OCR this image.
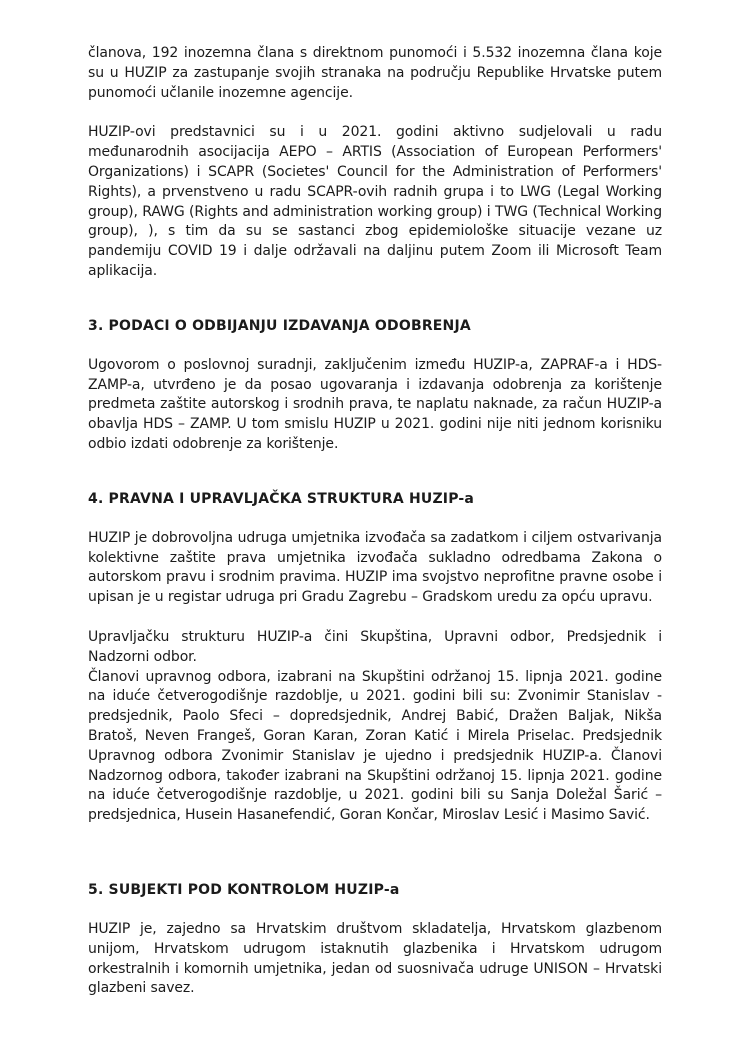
članova, 192 inozemna člana s direktnom punomoći i 5.532 inozemna člana koje su u HUZIP za zastupanje svojih stranaka na području Republike Hrvatske putem punomoći učlanile inozemne agencije.

HUZIP-ovi predstavnici su i u 2021. godini aktivno sudjelovali u radu međunarodnih asocijacija AEPO – ARTIS (Association of European Performers' Organizations) i SCAPR (Societes' Council for the Administration of Performers' Rights), a prvenstveno u radu SCAPR-ovih radnih grupa i to LWG (Legal Working group), RAWG (Rights and administration working group) i TWG (Technical Working group), ), s tim da su se sastanci zbog epidemiološke situacije vezane uz pandemiju COVID 19 i dalje održavali na daljinu putem Zoom ili Microsoft Team aplikacija.

3. PODACI O ODBIJANJU IZDAVANJA ODOBRENJA

Ugovorom o poslovnoj suradnji, zaključenim između HUZIP-a, ZAPRAF-a i HDS-ZAMP-a, utvrđeno je da posao ugovaranja i izdavanja odobrenja za korištenje predmeta zaštite autorskog i srodnih prava, te naplatu naknade, za račun HUZIP-a obavlja HDS – ZAMP. U tom smislu HUZIP u 2021. godini nije niti jednom korisniku odbio izdati odobrenje za korištenje.

4. PRAVNA I UPRAVLJAČKA STRUKTURA HUZIP-a

HUZIP je dobrovoljna udruga umjetnika izvođača sa zadatkom i ciljem ostvarivanja kolektivne zaštite prava umjetnika izvođača sukladno odredbama Zakona o autorskom pravu i srodnim pravima. HUZIP ima svojstvo neprofitne pravne osobe i upisan je u registar udruga pri Gradu Zagrebu – Gradskom uredu za opću upravu.

Upravljačku strukturu HUZIP-a čini Skupština, Upravni odbor, Predsjednik i Nadzorni odbor.

Članovi upravnog odbora, izabrani na Skupštini održanoj 15. lipnja 2021. godine na iduće četverogodišnje razdoblje, u 2021. godini bili su: Zvonimir Stanislav - predsjednik, Paolo Sfeci – dopredsjednik, Andrej Babić, Dražen Baljak, Nikša Bratoš, Neven Frangeš, Goran Karan, Zoran Katić i Mirela Priselac. Predsjednik Upravnog odbora Zvonimir Stanislav je ujedno i predsjednik HUZIP-a. Članovi Nadzornog odbora, također izabrani na Skupštini održanoj 15. lipnja 2021. godine na iduće četverogodišnje razdoblje, u 2021. godini bili su Sanja Doležal Šarić – predsjednica, Husein Hasanefendić, Goran Končar, Miroslav Lesić i Masimo Savić.

5. SUBJEKTI POD KONTROLOM HUZIP-a

HUZIP je, zajedno sa Hrvatskim društvom skladatelja, Hrvatskom glazbenom unijom, Hrvatskom udrugom istaknutih glazbenika i Hrvatskom udrugom orkestralnih i komornih umjetnika, jedan od suosnivača udruge UNISON – Hrvatski glazbeni savez.
